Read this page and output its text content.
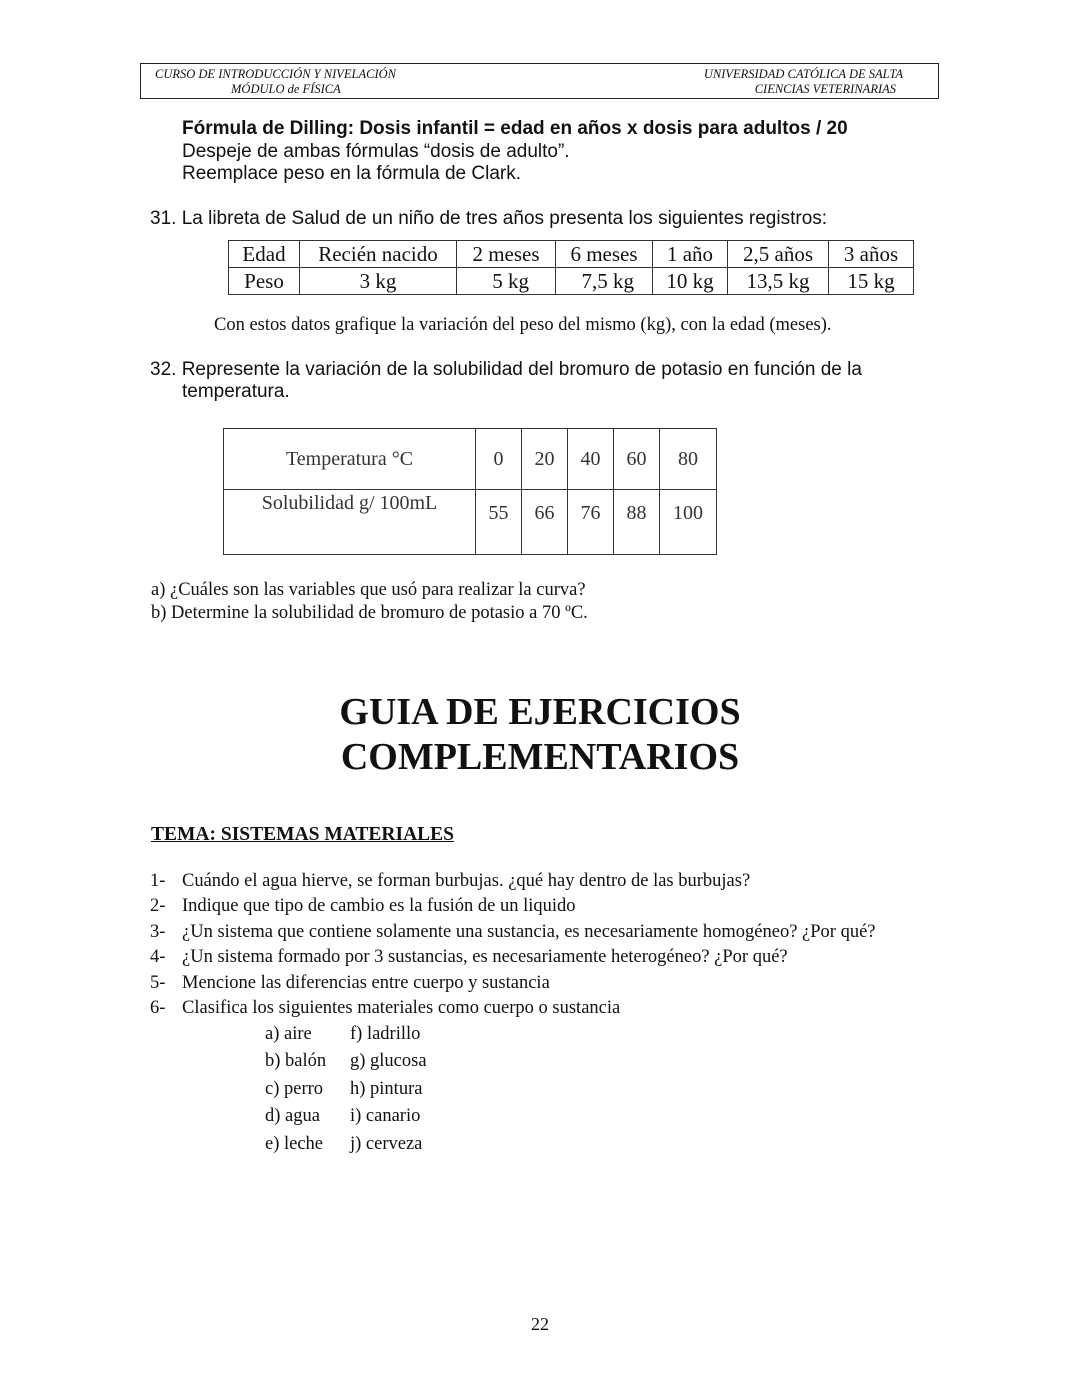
CURSO DE INTRODUCCIÓN Y NIVELACIÓN
MÓDULO de FÍSICA
UNIVERSIDAD CATÓLICA DE SALTA
CIENCIAS VETERINARIAS
Fórmula de Dilling: Dosis infantil = edad en años x dosis para adultos / 20
Despeje de ambas fórmulas “dosis de adulto”.
Reemplace peso en la fórmula de Clark.
31. La libreta de Salud de un niño de tres años presenta los siguientes registros:
Edad	Recién nacido	2 meses	6 meses	1 año	2,5 años	3 años
Peso	3 kg	5 kg	7,5 kg	10 kg	13,5 kg	15 kg
Con estos datos grafique la variación del peso del mismo (kg), con la edad (meses).
32. Represente la variación de la solubilidad del bromuro de potasio en función de la
temperatura.
Temperatura °C	0	20	40	60	80
Solubilidad g/ 100mL	55	66	76	88	100
a) ¿Cuáles son las variables que usó para realizar la curva?
b) Determine la solubilidad de bromuro de potasio a 70 ºC.
GUIA DE EJERCICIOS
COMPLEMENTARIOS
TEMA: SISTEMAS MATERIALES
1- Cuándo el agua hierve, se forman burbujas. ¿qué hay dentro de las burbujas?
2- Indique que tipo de cambio es la fusión de un liquido
3- ¿Un sistema que contiene solamente una sustancia, es necesariamente homogéneo? ¿Por qué?
4- ¿Un sistema formado por 3 sustancias, es necesariamente heterogéneo? ¿Por qué?
5- Mencione las diferencias entre cuerpo y sustancia
6- Clasifica los siguientes materiales como cuerpo o sustancia
a) aire
b) balón
c) perro
d) agua
e) leche
f) ladrillo
g) glucosa
h) pintura
i) canario
j) cerveza
22
